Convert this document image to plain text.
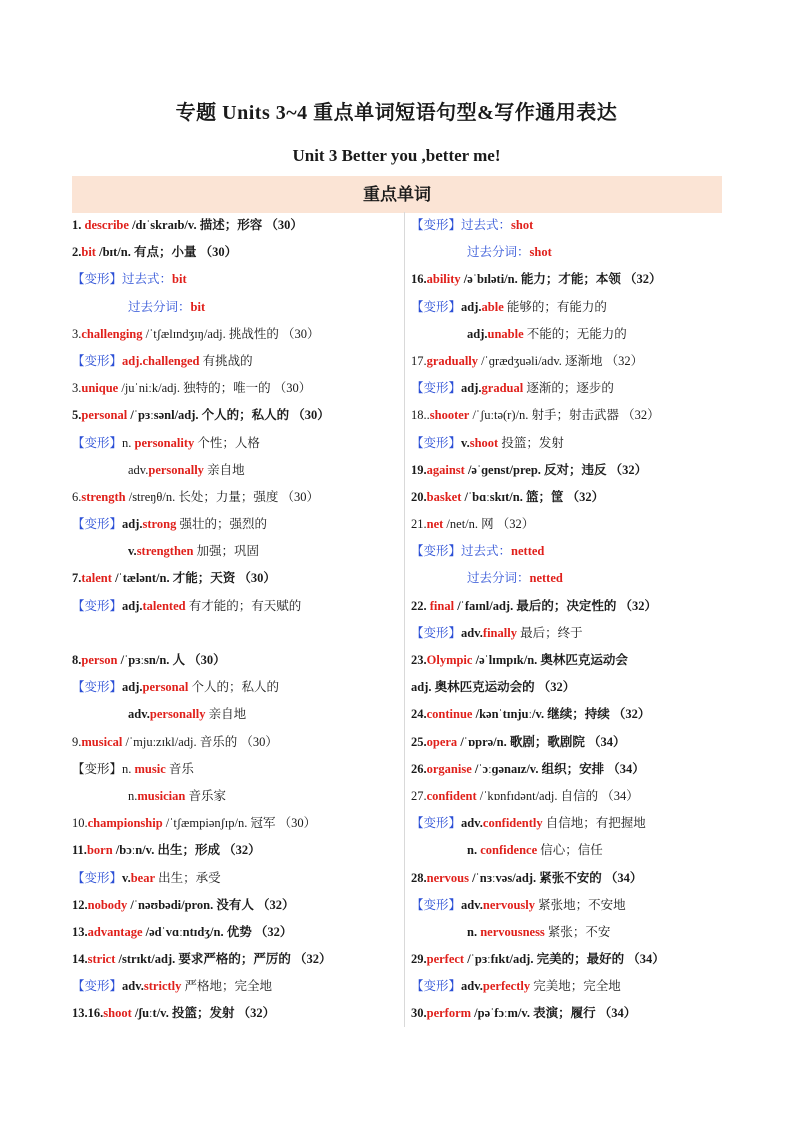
专题 Units 3~4 重点单词短语句型&写作通用表达
Unit 3 Better you ,better me!
重点单词
1. describe /dɪˈskraɪb/v. 描述；形容 （30）
2.bit /bɪt/n. 有点；小量 （30）
【变形】过去式：bit
过去分词：bit
3.challenging /ˈtʃælɪndʒɪŋ/adj. 挑战性的 （30）
【变形】adj.challenged 有挑战的
3.unique /juˈniːk/adj. 独特的；唯一的 （30）
5.personal /ˈpɜːsənl/adj. 个人的；私人的 （30）
【变形】n. personality 个性；人格
adv.personally 亲自地
6.strength /streŋθ/n. 长处；力量；强度 （30）
【变形】adj.strong 强壮的；强烈的
v.strengthen 加强；巩固
7.talent /ˈtælənt/n. 才能；天资 （30）
【变形】adj.talented 有才能的；有天赋的
8.person /ˈpɜːsn/n. 人 （30）
【变形】adj.personal 个人的；私人的
adv.personally 亲自地
9.musical /ˈmjuːzɪkl/adj. 音乐的 （30）
【变形】n. music 音乐
n.musician 音乐家
10.championship /ˈtʃæmpiənʃɪp/n. 冠军 （30）
11.born /bɔːn/v. 出生；形成 （32）
【变形】v.bear 出生；承受
12.nobody /ˈnəʊbədi/pron. 没有人 （32）
13.advantage /ədˈvɑːntɪdʒ/n. 优势 （32）
14.strict /strɪkt/adj. 要求严格的；严厉的 （32）
【变形】adv.strictly 严格地；完全地
13.16.shoot /ʃuːt/v. 投篮；发射 （32）
【变形】过去式：shot
过去分词：shot
16.ability /əˈbɪləti/n. 能力；才能；本领 （32）
【变形】adj.able 能够的；有能力的
adj.unable 不能的；无能力的
17.gradually /ˈɡrædʒuəli/adv. 逐渐地 （32）
【变形】adj.gradual 逐渐的；逐步的
18..shooter /ˈʃuːtə(r)/n. 射手；射击武器 （32）
【变形】v.shoot 投篮；发射
19.against /əˈɡenst/prep. 反对；违反 （32）
20.basket /ˈbɑːskɪt/n. 篮；筐 （32）
21.net /net/n. 网 （32）
【变形】过去式：netted
过去分词：netted
22. final /ˈfaɪnl/adj. 最后的；决定性的 （32）
【变形】adv.finally 最后；终于
23.Olympic /əˈlɪmpɪk/n. 奥林匹克运动会
adj. 奥林匹克运动会的 （32）
24.continue /kənˈtɪnjuː/v. 继续；持续 （32）
25.opera /ˈɒprə/n. 歌剧；歌剧院 （34）
26.organise /ˈɔːɡənaɪz/v. 组织；安排 （34）
27.confident /ˈkɒnfɪdənt/adj. 自信的 （34）
【变形】adv.confidently 自信地；有把握地
n. confidence 信心；信任
28.nervous /ˈnɜːvəs/adj. 紧张不安的 （34）
【变形】adv.nervously 紧张地；不安地
n. nervousness 紧张；不安
29.perfect /ˈpɜːfɪkt/adj. 完美的；最好的 （34）
【变形】adv.perfectly 完美地；完全地
30.perform /pəˈfɔːm/v. 表演；履行 （34）
